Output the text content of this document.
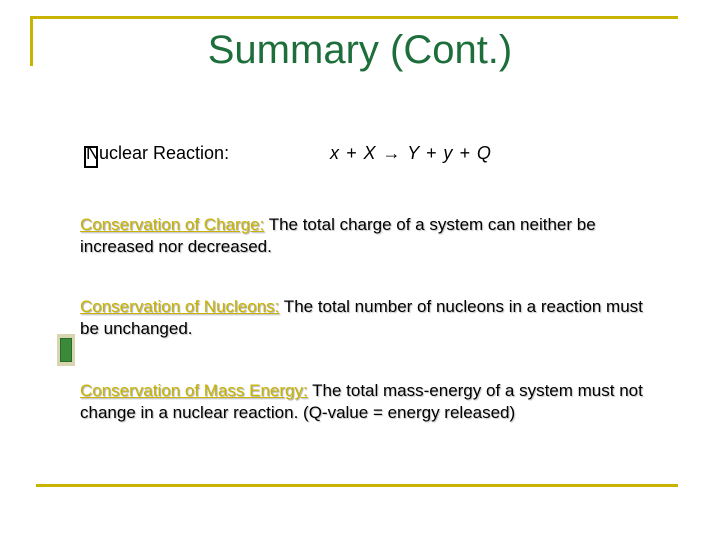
Summary (Cont.)
Nuclear Reaction:	x + X → Y + y + Q
Conservation of Charge: The total charge of a system can neither be increased nor decreased.
Conservation of Nucleons: The total number of nucleons in a reaction must be unchanged.
Conservation of Mass Energy: The total mass-energy of a system must not change in a nuclear reaction. (Q-value = energy released)
